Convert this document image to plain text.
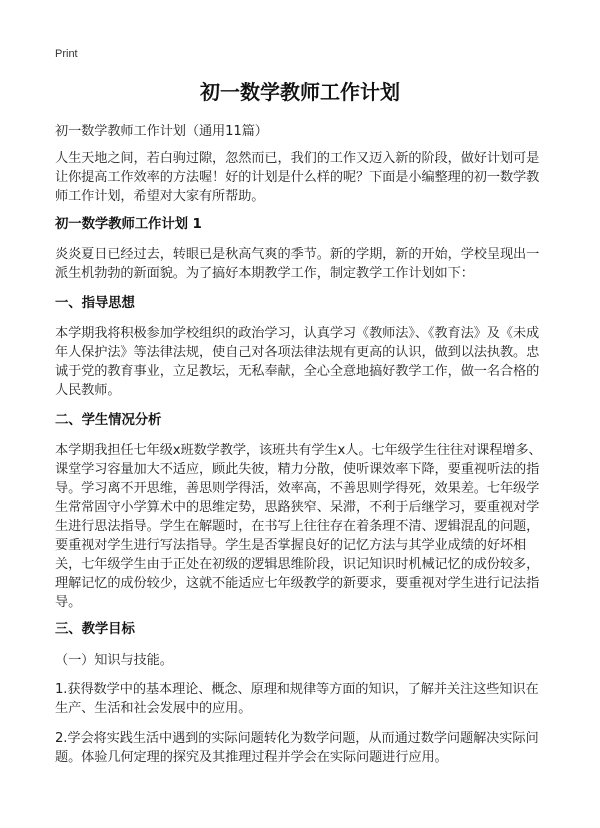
Print
初一数学教师工作计划

初一数学教师工作计划（通用11篇）

人生天地之间，若白驹过隙，忽然而已，我们的工作又迈入新的阶段，做好计划可是让你提高工作效率的方法喔！好的计划是什么样的呢？下面是小编整理的初一数学教师工作计划，希望对大家有所帮助。

初一数学教师工作计划 1

炎炎夏日已经过去，转眼已是秋高气爽的季节。新的学期，新的开始，学校呈现出一派生机勃勃的新面貌。为了搞好本期教学工作，制定教学工作计划如下：

一、指导思想

本学期我将积极参加学校组织的政治学习，认真学习《教师法》、《教育法》及《未成年人保护法》等法律法规，使自己对各项法律法规有更高的认识，做到以法执教。忠诚于党的教育事业，立足教坛，无私奉献，全心全意地搞好教学工作，做一名合格的人民教师。

二、学生情况分析

本学期我担任七年级x班数学教学，该班共有学生x人。七年级学生往往对课程增多、课堂学习容量加大不适应，顾此失彼，精力分散，使听课效率下降，要重视听法的指导。学习离不开思维，善思则学得活，效率高，不善思则学得死，效果差。七年级学生常常固守小学算术中的思维定势，思路狭窄、呆滞，不利于后继学习，要重视对学生进行思法指导。学生在解题时，在书写上往往存在着条理不清、逻辑混乱的问题，要重视对学生进行写法指导。学生是否掌握良好的记忆方法与其学业成绩的好坏相关，七年级学生由于正处在初级的逻辑思维阶段，识记知识时机械记忆的成份较多，理解记忆的成份较少，这就不能适应七年级教学的新要求，要重视对学生进行记法指导。

三、教学目标

（一）知识与技能。

1.获得数学中的基本理论、概念、原理和规律等方面的知识，了解并关注这些知识在生产、生活和社会发展中的应用。

2.学会将实践生活中遇到的实际问题转化为数学问题，从而通过数学问题解决实际问题。体验几何定理的探究及其推理过程并学会在实际问题进行应用。
